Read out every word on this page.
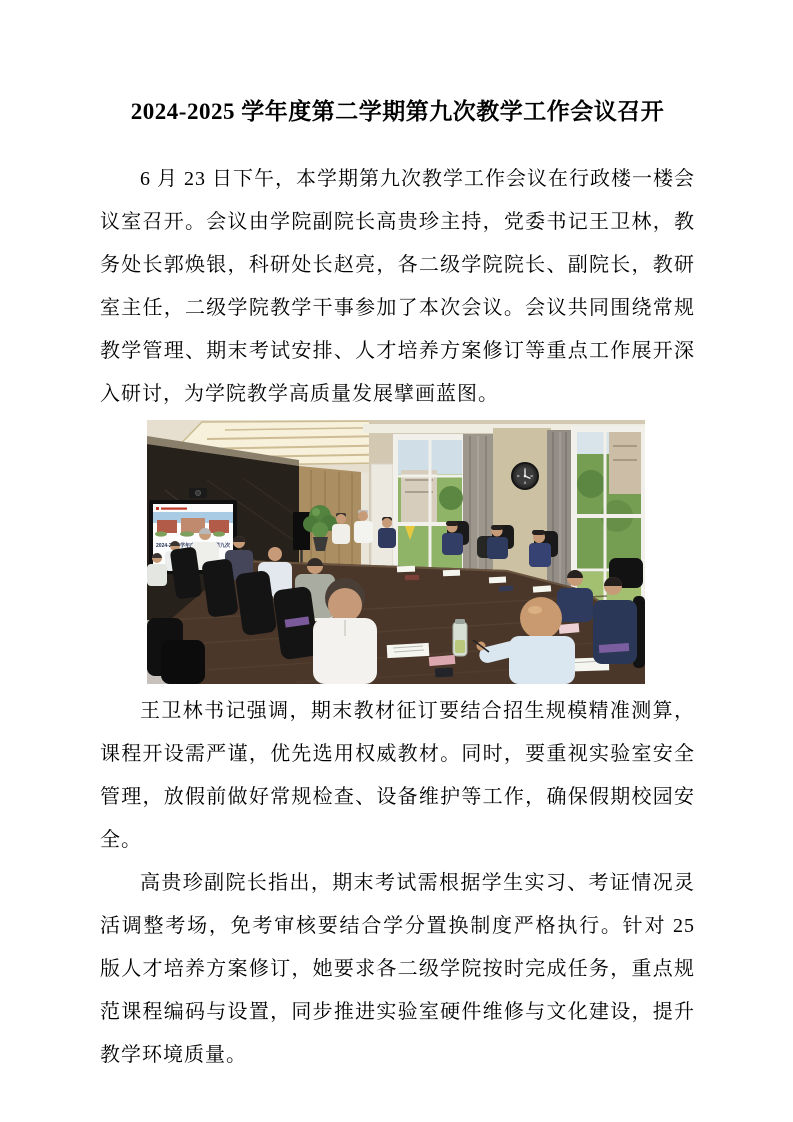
2024-2025 学年度第二学期第九次教学工作会议召开

6 月 23 日下午，本学期第九次教学工作会议在行政楼一楼会议室召开。会议由学院副院长高贵珍主持，党委书记王卫林，教务处长郭焕银，科研处长赵亮，各二级学院院长、副院长，教研室主任，二级学院教学干事参加了本次会议。会议共同围绕常规教学管理、期末考试安排、人才培养方案修订等重点工作展开深入研讨，为学院教学高质量发展擘画蓝图。

王卫林书记强调，期末教材征订要结合招生规模精准测算，课程开设需严谨，优先选用权威教材。同时，要重视实验室安全管理，放假前做好常规检查、设备维护等工作，确保假期校园安全。

高贵珍副院长指出，期末考试需根据学生实习、考证情况灵活调整考场，免考审核要结合学分置换制度严格执行。针对 25 版人才培养方案修订，她要求各二级学院按时完成任务，重点规范课程编码与设置，同步推进实验室硬件维修与文化建设，提升教学环境质量。
